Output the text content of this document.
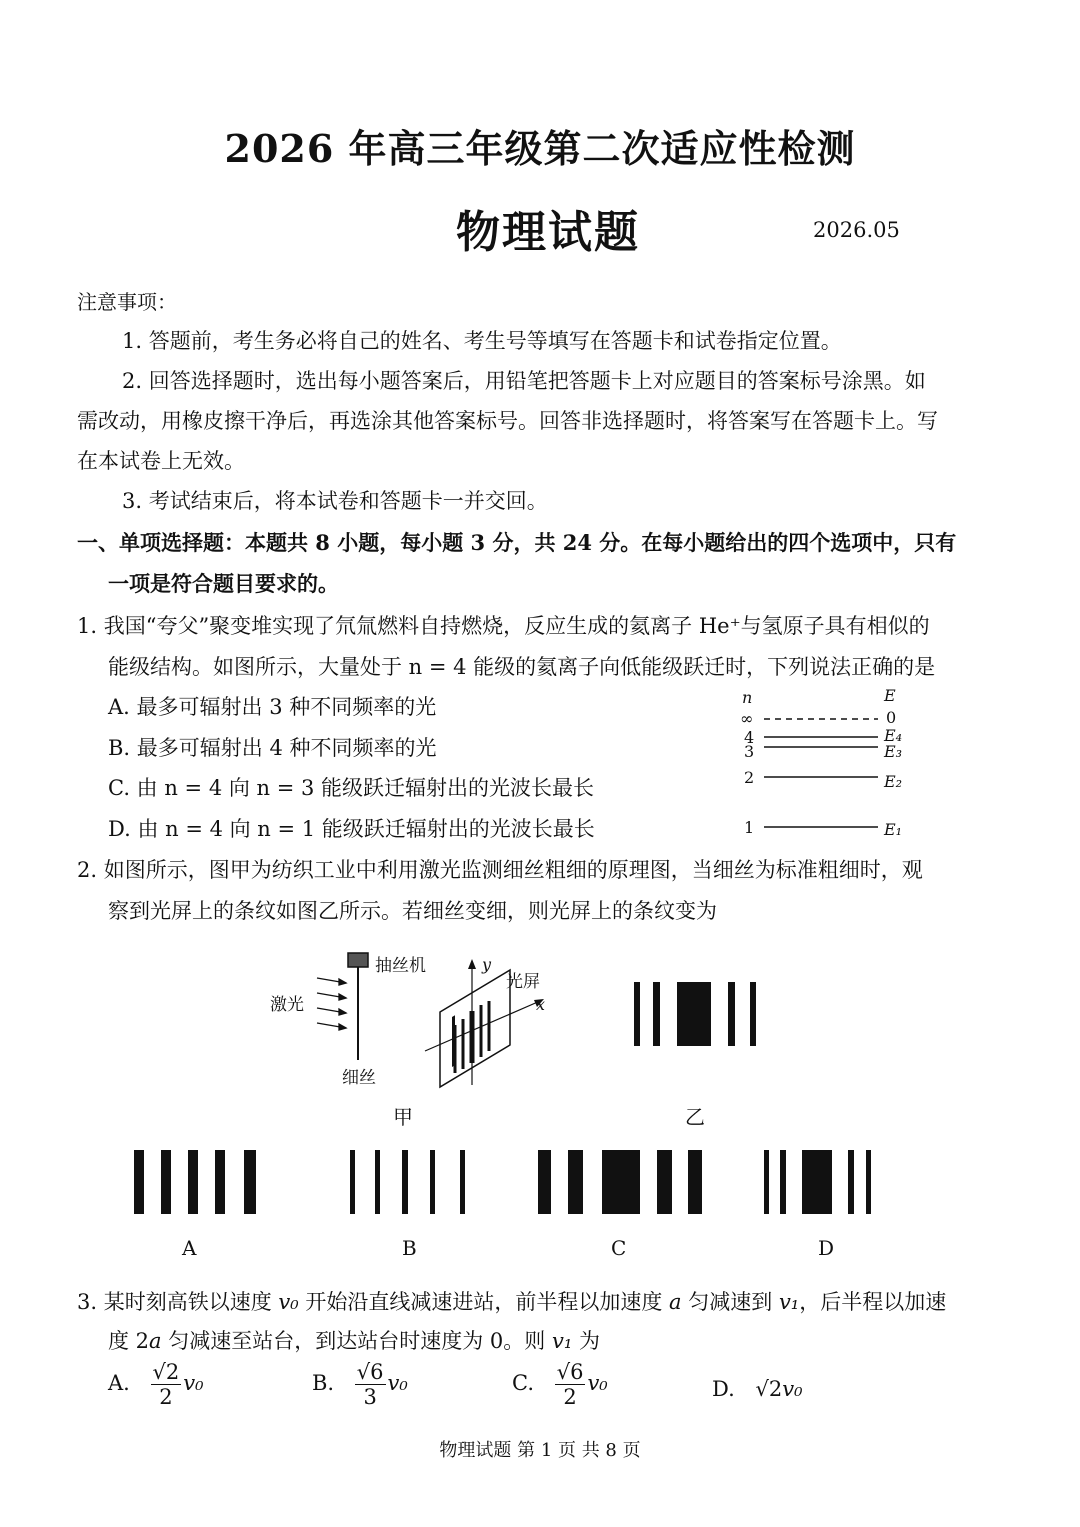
2026 年高三年级第二次适应性检测
物理试题	2026.05
注意事项：
1. 答题前，考生务必将自己的姓名、考生号等填写在答题卡和试卷指定位置。
2. 回答选择题时，选出每小题答案后，用铅笔把答题卡上对应题目的答案标号涂黑。如
需改动，用橡皮擦干净后，再选涂其他答案标号。回答非选择题时，将答案写在答题卡上。写
在本试卷上无效。
3. 考试结束后，将本试卷和答题卡一并交回。
一、单项选择题：本题共 8 小题，每小题 3 分，共 24 分。在每小题给出的四个选项中，只有
一项是符合题目要求的。
1. 我国“夸父”聚变堆实现了氘氚燃料自持燃烧，反应生成的氦离子 He⁺与氢原子具有相似的
能级结构。如图所示，大量处于 n = 4 能级的氦离子向低能级跃迁时，下列说法正确的是
A. 最多可辐射出 3 种不同频率的光
B. 最多可辐射出 4 种不同频率的光
C. 由 n = 4 向 n = 3 能级跃迁辐射出的光波长最长
D. 由 n = 4 向 n = 1 能级跃迁辐射出的光波长最长
n	E
∞	0
4	E₄
3	E₃
2	E₂
1	E₁
2. 如图所示，图甲为纺织工业中利用激光监测细丝粗细的原理图，当细丝为标准粗细时，观
察到光屏上的条纹如图乙所示。若细丝变细，则光屏上的条纹变为
抽丝机
激光
细丝
光屏
y
x
甲	乙
A	B	C	D
3. 某时刻高铁以速度 v₀ 开始沿直线减速进站，前半程以加速度 a 匀减速到 v₁，后半程以加速
度 2a 匀减速至站台，到达站台时速度为 0。则 v₁ 为
A. $\frac{√2}{2} v_0$	B. $\frac{√6}{3} v_0$	C. $\frac{√6}{2} v_0$	D. √2v₀
物理试题 第 1 页 共 8 页
